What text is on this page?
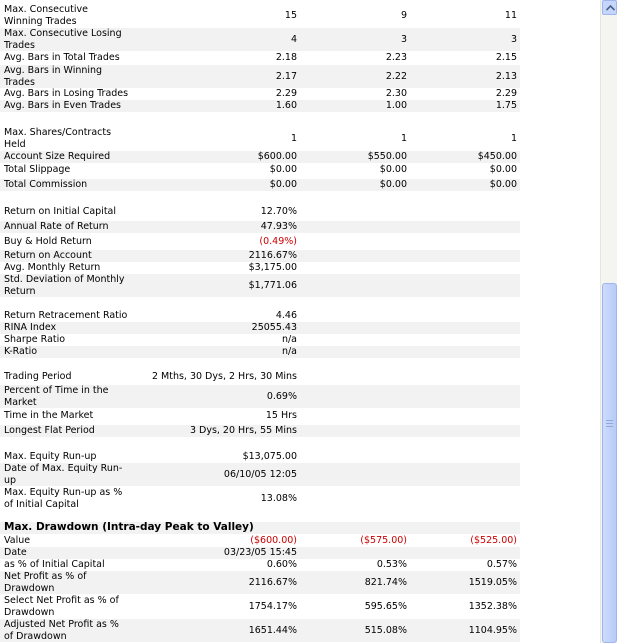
Max. Consecutive Winning Trades	15	9	11
Max. Consecutive Losing Trades	4	3	3
Avg. Bars in Total Trades	2.18	2.23	2.15
Avg. Bars in Winning Trades	2.17	2.22	2.13
Avg. Bars in Losing Trades	2.29	2.30	2.29
Avg. Bars in Even Trades	1.60	1.00	1.75
Max. Shares/Contracts Held	1	1	1
Account Size Required	$600.00	$550.00	$450.00
Total Slippage	$0.00	$0.00	$0.00
Total Commission	$0.00	$0.00	$0.00
Return on Initial Capital	12.70%
Annual Rate of Return	47.93%
Buy & Hold Return	(0.49%)
Return on Account	2116.67%
Avg. Monthly Return	$3,175.00
Std. Deviation of Monthly Return	$1,771.06
Return Retracement Ratio	4.46
RINA Index	25055.43
Sharpe Ratio	n/a
K-Ratio	n/a
Trading Period	2 Mths, 30 Dys, 2 Hrs, 30 Mins
Percent of Time in the Market	0.69%
Time in the Market	15 Hrs
Longest Flat Period	3 Dys, 20 Hrs, 55 Mins
Max. Equity Run-up	$13,075.00
Date of Max. Equity Run-up	06/10/05 12:05
Max. Equity Run-up as % of Initial Capital	13.08%
Max. Drawdown (Intra-day Peak to Valley)
Value	($600.00)	($575.00)	($525.00)
Date	03/23/05 15:45
as % of Initial Capital	0.60%	0.53%	0.57%
Net Profit as % of Drawdown	2116.67%	821.74%	1519.05%
Select Net Profit as % of Drawdown	1754.17%	595.65%	1352.38%
Adjusted Net Profit as % of Drawdown	1651.44%	515.08%	1104.95%
